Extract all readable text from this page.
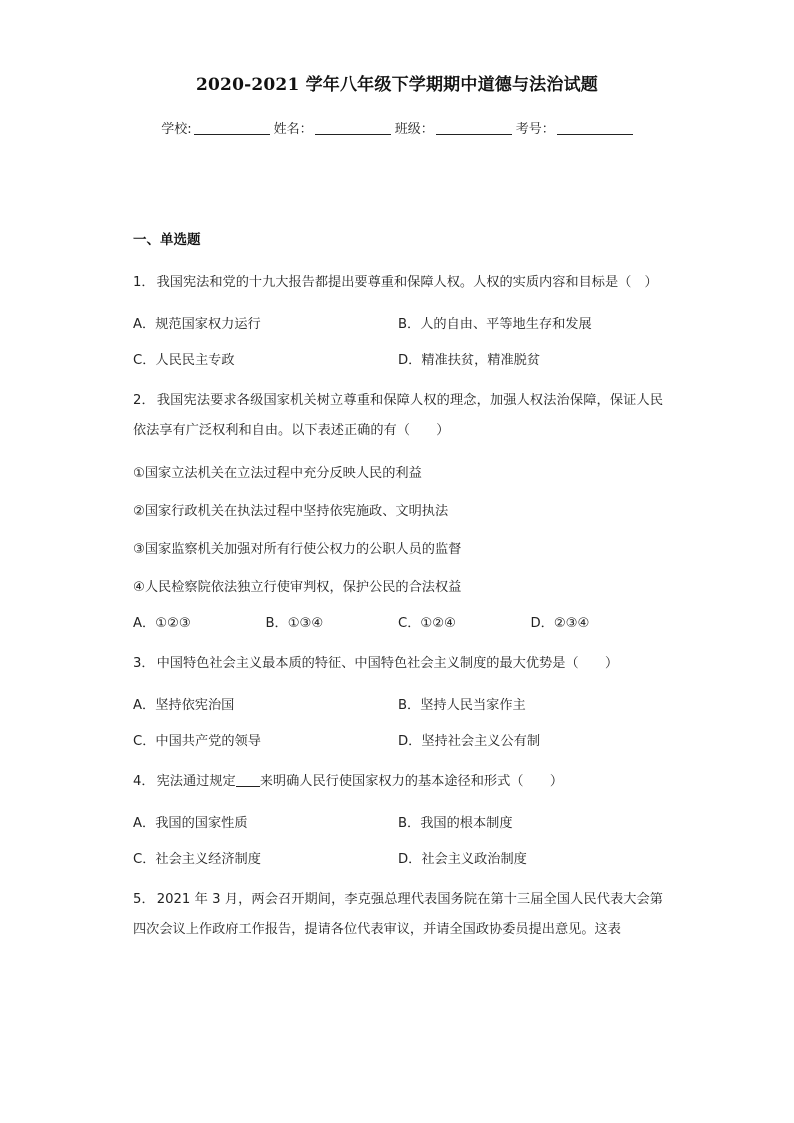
2020-2021 学年八年级下学期期中道德与法治试题
学校:	姓名：	班级：	考号：
一、单选题

1． 我国宪法和党的十九大报告都提出要尊重和保障人权。人权的实质内容和目标是（　）

A．规范国家权力运行	B．人的自由、平等地生存和发展
C．人民民主专政	D．精准扶贫，精准脱贫

2． 我国宪法要求各级国家机关树立尊重和保障人权的理念，加强人权法治保障，保证人民依法享有广泛权利和自由。以下表述正确的有（　　）

①国家立法机关在立法过程中充分反映人民的利益
②国家行政机关在执法过程中坚持依宪施政、文明执法
③国家监察机关加强对所有行使公权力的公职人员的监督
④人民检察院依法独立行使审判权，保护公民的合法权益
A．①②③	B．①③④	C．①②④	D．②③④

3． 中国特色社会主义最本质的特征、中国特色社会主义制度的最大优势是（　　）

A．坚持依宪治国	B．坚持人民当家作主
C．中国共产党的领导	D．坚持社会主义公有制

4． 宪法通过规定 来明确人民行使国家权力的基本途径和形式（　　）

A．我国的国家性质	B．我国的根本制度
C．社会主义经济制度	D．社会主义政治制度

5． 2021 年 3 月，两会召开期间，李克强总理代表国务院在第十三届全国人民代表大会第四次会议上作政府工作报告，提请各位代表审议，并请全国政协委员提出意见。这表
